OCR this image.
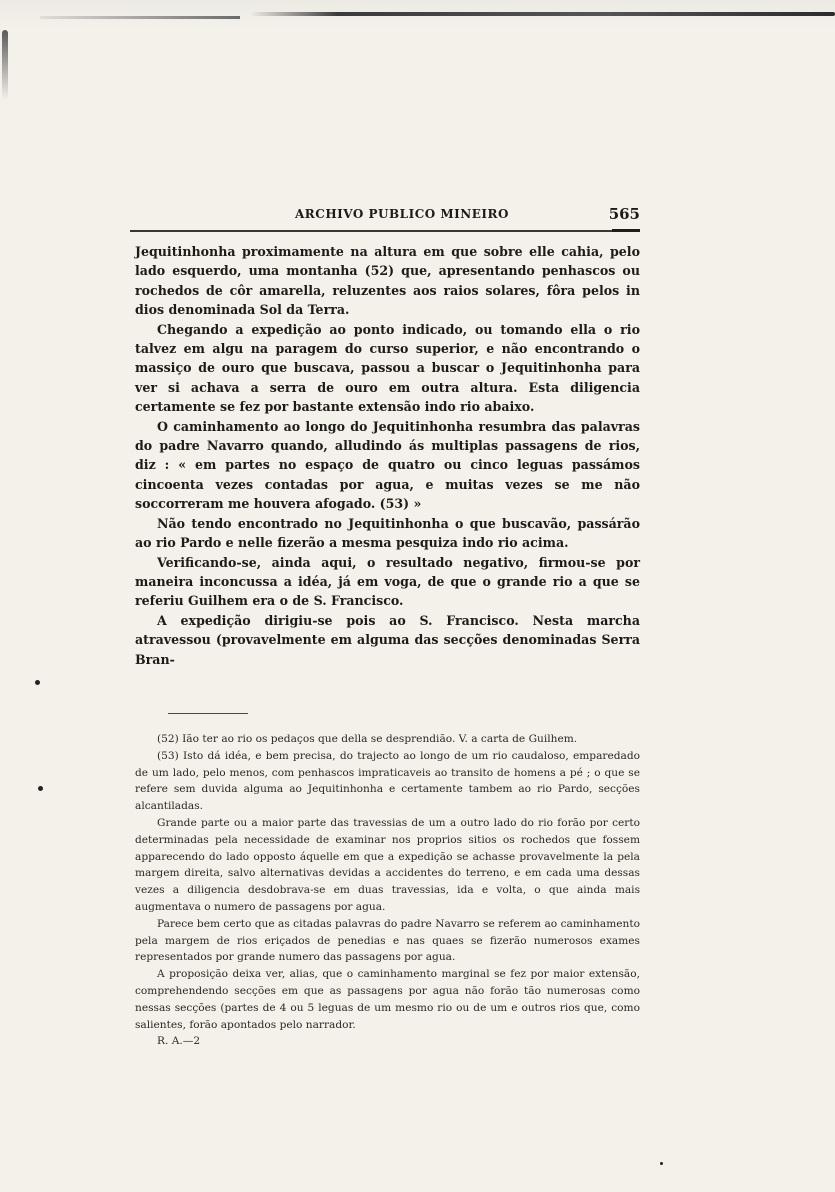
ARCHIVO PUBLICO MINEIRO	565

Jequitinhonha proximamente na altura em que sobre elle cahia, pelo lado esquerdo, uma montanha (52) que, apresentando penhascos ou rochedos de côr amarella, reluzentes aos raios solares, fôra pelos in dios denominada Sol da Terra.

Chegando a expedição ao ponto indicado, ou tomando ella o rio talvez em algu na paragem do curso superior, e não encontrando o massiço de ouro que buscava, passou a buscar o Jequitinhonha para ver si achava a serra de ouro em outra altura. Esta diligencia certamente se fez por bastante extensão indo rio abaixo.

O caminhamento ao longo do Jequitinhonha resumbra das palavras do padre Navarro quando, alludindo ás multiplas passagens de rios, diz : « em partes no espaço de quatro ou cinco leguas passámos cincoenta vezes contadas por agua, e muitas vezes se me não soccorreram me houvera afogado. (53) »

Não tendo encontrado no Jequitinhonha o que buscavão, passárão ao rio Pardo e nelle fizerão a mesma pesquiza indo rio acima.

Verificando-se, ainda aqui, o resultado negativo, firmou-se por maneira inconcussa a idéa, já em voga, de que o grande rio a que se referiu Guilhem era o de S. Francisco.

A expedição dirigiu-se pois ao S. Francisco. Nesta marcha atravessou (provavelmente em alguma das secções denominadas Serra Bran-

(52) Ião ter ao rio os pedaços que della se desprendião. V. a carta de Guilhem.

(53) Isto dá idéa, e bem precisa, do trajecto ao longo de um rio caudaloso, emparedado de um lado, pelo menos, com penhascos impraticaveis ao transito de homens a pé ; o que se refere sem duvida alguma ao Jequitinhonha e certamente tambem ao rio Pardo, secções alcantiladas.

Grande parte ou a maior parte das travessias de um a outro lado do rio forão por certo determinadas pela necessidade de examinar nos proprios sitios os rochedos que fossem apparecendo do lado opposto áquelle em que a expedição se achasse provavelmente la pela margem direita, salvo alternativas devidas a accidentes do terreno, e em cada uma dessas vezes a diligencia desdobrava-se em duas travessias, ida e volta, o que ainda mais augmentava o numero de passagens por agua.

Parece bem certo que as citadas palavras do padre Navarro se referem ao caminhamento pela margem de rios eriçados de penedias e nas quaes se fizerão numerosos exames representados por grande numero das passagens por agua.

A proposição deixa ver, alias, que o caminhamento marginal se fez por maior extensão, comprehendendo secções em que as passagens por agua não forão tão numerosas como nessas secções (partes de 4 ou 5 leguas de um mesmo rio ou de um e outros rios que, como salientes, forão apontados pelo narrador.

R. A.—2
